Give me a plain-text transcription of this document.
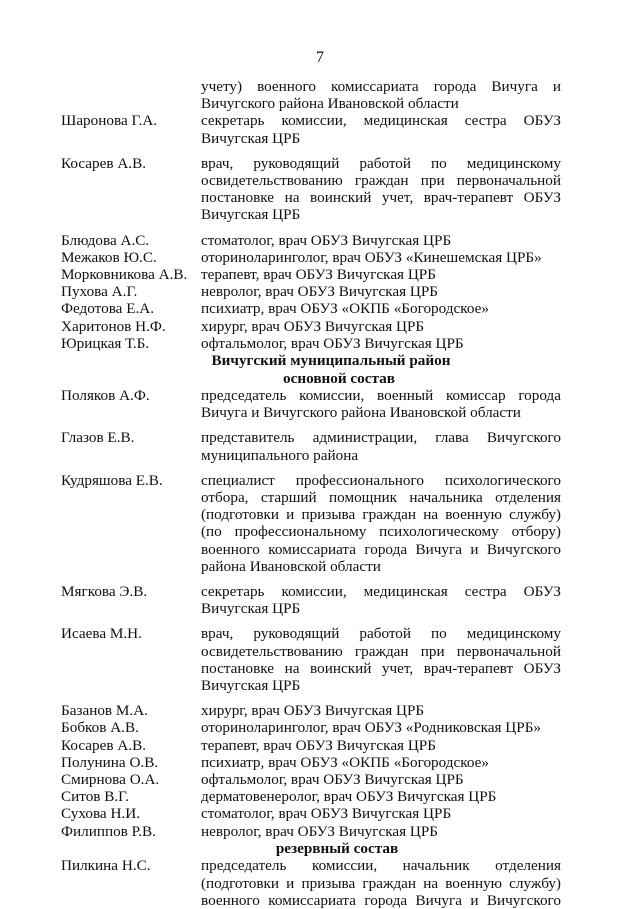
7
учету) военного комиссариата города Вичуга и
Вичугского района Ивановской области
Шаронова Г.А.	секретарь комиссии, медицинская сестра ОБУЗ
Вичугская ЦРБ
Косарев А.В.	врач, руководящий работой по медицинскому
освидетельствованию граждан при первоначальной
постановке на воинский учет, врач-терапевт ОБУЗ
Вичугская ЦРБ
Блюдова А.С.	стоматолог, врач ОБУЗ Вичугская ЦРБ
Межаков Ю.С.	оториноларинголог, врач ОБУЗ «Кинешемская ЦРБ»
Морковникова А.В. терапевт, врач ОБУЗ Вичугская ЦРБ
Пухова А.Г.	невролог, врач ОБУЗ Вичугская ЦРБ
Федотова Е.А.	психиатр, врач ОБУЗ «ОКПБ «Богородское»
Харитонов Н.Ф.	хирург, врач ОБУЗ Вичугская ЦРБ
Юрицкая Т.Б.	офтальмолог, врач ОБУЗ Вичугская ЦРБ
Вичугский муниципальный район
основной состав
Поляков А.Ф.	председатель комиссии, военный комиссар города
Вичуга и Вичугского района Ивановской области
Глазов Е.В.	представитель администрации, глава Вичугского
муниципального района
Кудряшова Е.В.	специалист профессионального психологического
отбора, старший помощник начальника отделения
(подготовки и призыва граждан на военную службу)
(по профессиональному психологическому отбору)
военного комиссариата города Вичуга и Вичугского
района Ивановской области
Мягкова Э.В.	секретарь комиссии, медицинская сестра ОБУЗ
Вичугская ЦРБ
Исаева М.Н.	врач, руководящий работой по медицинскому
освидетельствованию граждан при первоначальной
постановке на воинский учет, врач-терапевт ОБУЗ
Вичугская ЦРБ
Базанов М.А.	хирург, врач ОБУЗ Вичугская ЦРБ
Бобков А.В.	оториноларинголог, врач ОБУЗ «Родниковская ЦРБ»
Косарев А.В.	терапевт, врач ОБУЗ Вичугская ЦРБ
Полунина О.В.	психиатр, врач ОБУЗ «ОКПБ «Богородское»
Смирнова О.А.	офтальмолог, врач ОБУЗ Вичугская ЦРБ
Ситов В.Г.	дерматовенеролог, врач ОБУЗ Вичугская ЦРБ
Сухова Н.И.	стоматолог, врач ОБУЗ Вичугская ЦРБ
Филиппов Р.В.	невролог, врач ОБУЗ Вичугская ЦРБ
резервный состав
Пилкина Н.С.	председатель комиссии, начальник отделения
(подготовки и призыва граждан на военную службу)
военного комиссариата города Вичуга и Вичугского
